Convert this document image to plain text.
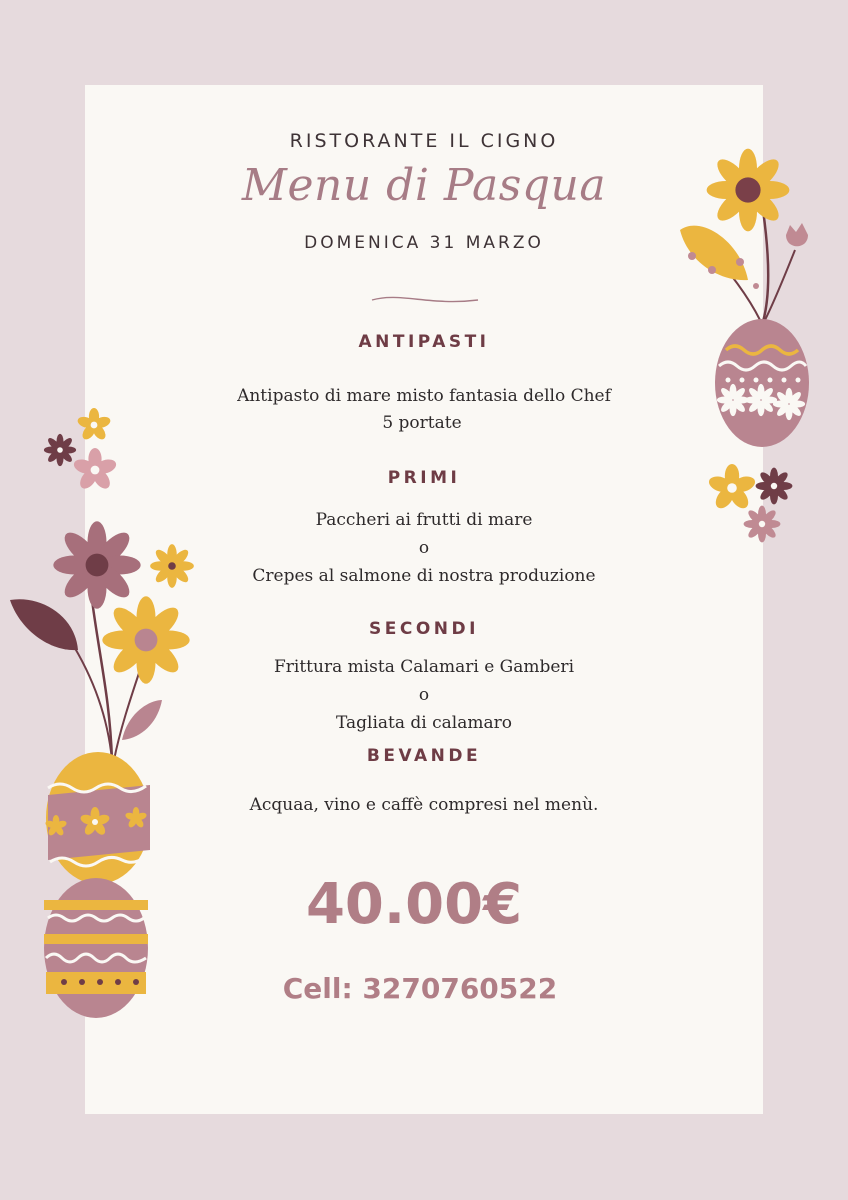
RISTORANTE IL CIGNO
Menu di Pasqua
DOMENICA 31 MARZO
ANTIPASTI
Antipasto di mare misto fantasia dello Chef
5 portate
PRIMI
Paccheri ai frutti di mare
o
Crepes al salmone di nostra produzione
SECONDI
Frittura mista Calamari e Gamberi
o
Tagliata di calamaro
BEVANDE
Acquaa, vino e caffè compresi nel menù.
40.00€
Cell: 3270760522
